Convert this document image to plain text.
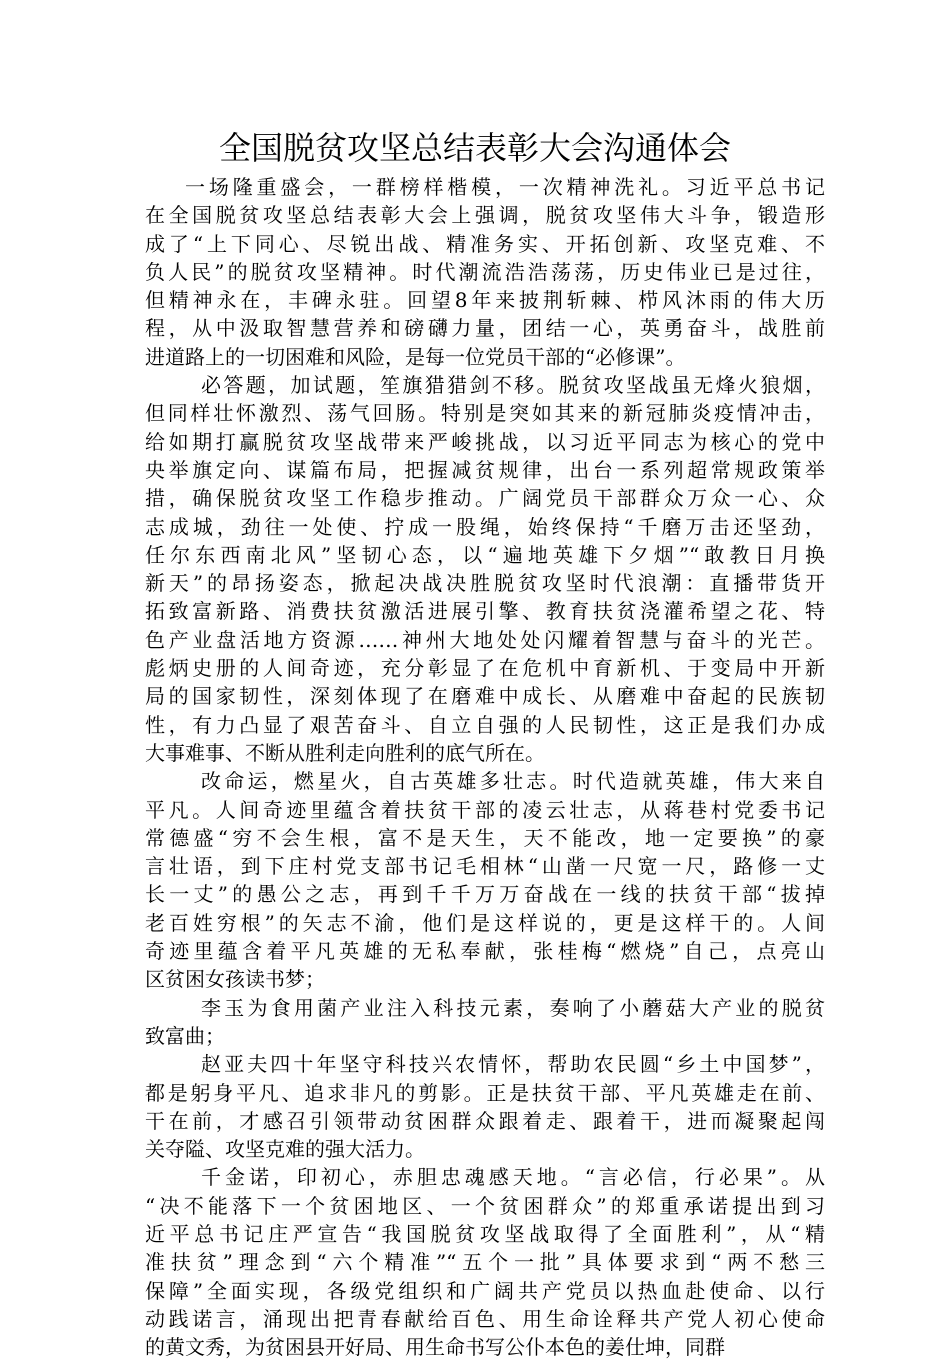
全国脱贫攻坚总结表彰大会沟通体会

一场隆重盛会，一群榜样楷模，一次精神洗礼。习近平总书记
在全国脱贫攻坚总结表彰大会上强调，脱贫攻坚伟大斗争，锻造形
成了“上下同心、尽锐出战、精准务实、开拓创新、攻坚克难、不
负人民”的脱贫攻坚精神。时代潮流浩浩荡荡，历史伟业已是过往，
但精神永在，丰碑永驻。回望8年来披荆斩棘、栉风沐雨的伟大历
程，从中汲取智慧营养和磅礴力量，团结一心，英勇奋斗，战胜前
进道路上的一切困难和风险，是每一位党员干部的“必修课”。

必答题，加试题，笙旗猎猎剑不移。脱贫攻坚战虽无烽火狼烟，
但同样壮怀激烈、荡气回肠。特别是突如其来的新冠肺炎疫情冲击，
给如期打赢脱贫攻坚战带来严峻挑战，以习近平同志为核心的党中
央举旗定向、谋篇布局，把握减贫规律，出台一系列超常规政策举
措，确保脱贫攻坚工作稳步推动。广阔党员干部群众万众一心、众
志成城，劲往一处使、拧成一股绳，始终保持“千磨万击还坚劲，
任尔东西南北风”坚韧心态，以“遍地英雄下夕烟”“敢教日月换
新天”的昂扬姿态，掀起决战决胜脱贫攻坚时代浪潮：直播带货开
拓致富新路、消费扶贫激活进展引擎、教育扶贫浇灌希望之花、特
色产业盘活地方资源……神州大地处处闪耀着智慧与奋斗的光芒。
彪炳史册的人间奇迹，充分彰显了在危机中育新机、于变局中开新
局的国家韧性，深刻体现了在磨难中成长、从磨难中奋起的民族韧
性，有力凸显了艰苦奋斗、自立自强的人民韧性，这正是我们办成
大事难事、不断从胜利走向胜利的底气所在。

改命运，燃星火，自古英雄多壮志。时代造就英雄，伟大来自
平凡。人间奇迹里蕴含着扶贫干部的凌云壮志，从蒋巷村党委书记
常德盛“穷不会生根，富不是天生，天不能改，地一定要换”的豪
言壮语，到下庄村党支部书记毛相林“山凿一尺宽一尺，路修一丈
长一丈”的愚公之志，再到千千万万奋战在一线的扶贫干部“拔掉
老百姓穷根”的矢志不渝，他们是这样说的，更是这样干的。人间
奇迹里蕴含着平凡英雄的无私奉献，张桂梅“燃烧”自己，点亮山
区贫困女孩读书梦；

李玉为食用菌产业注入科技元素，奏响了小蘑菇大产业的脱贫
致富曲；

赵亚夫四十年坚守科技兴农情怀，帮助农民圆“乡土中国梦”，
都是躬身平凡、追求非凡的剪影。正是扶贫干部、平凡英雄走在前、
干在前，才感召引领带动贫困群众跟着走、跟着干，进而凝聚起闯
关夺隘、攻坚克难的强大活力。

千金诺，印初心，赤胆忠魂感天地。“言必信，行必果”。从
“决不能落下一个贫困地区、一个贫困群众”的郑重承诺提出到习
近平总书记庄严宣告“我国脱贫攻坚战取得了全面胜利”，从“精
准扶贫”理念到“六个精准”“五个一批”具体要求到“两不愁三
保障”全面实现，各级党组织和广阔共产党员以热血赴使命、以行
动践诺言，涌现出把青春献给百色、用生命诠释共产党人初心使命
的黄文秀，为贫困县开好局、用生命书写公仆本色的姜仕坤，同群
